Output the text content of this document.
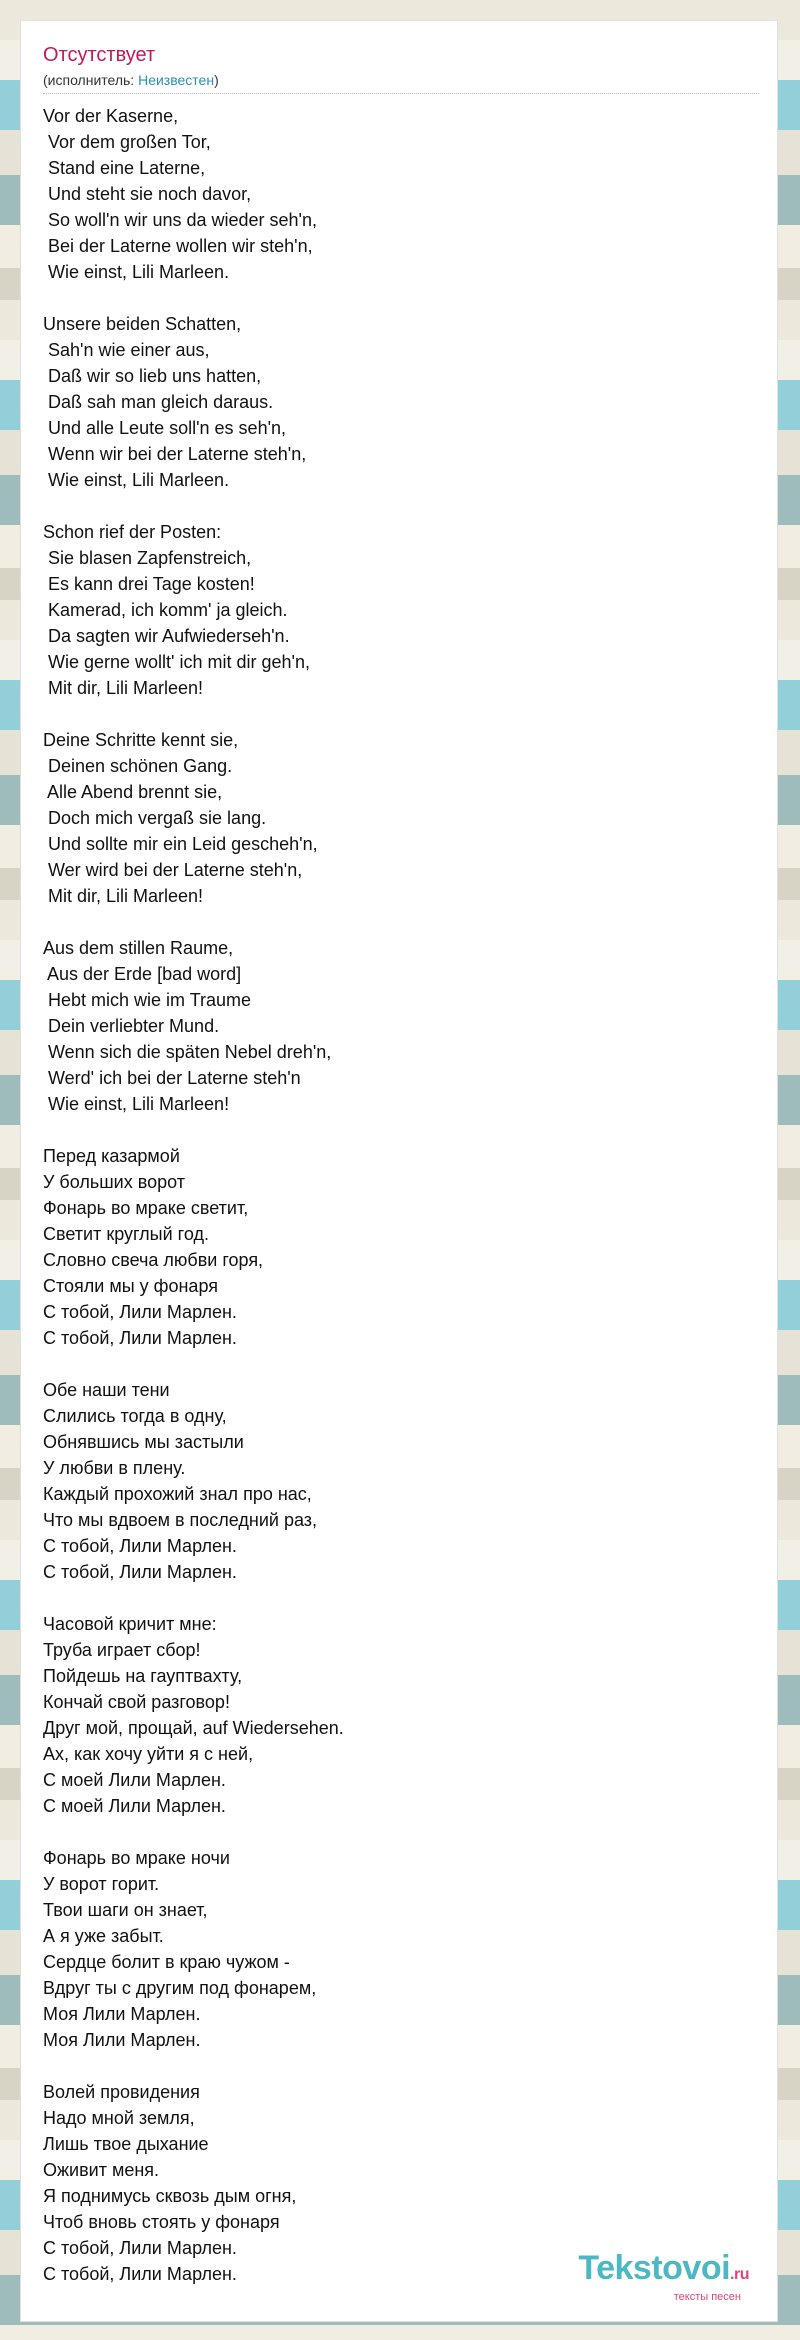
Отсутствует
(исполнитель: Неизвестен)
Vor der Kaserne,
Vor dem großen Tor,
Stand eine Laterne,
Und steht sie noch davor,
So woll'n wir uns da wieder seh'n,
Bei der Laterne wollen wir steh'n,
Wie einst, Lili Marleen.
Unsere beiden Schatten,
Sah'n wie einer aus,
Daß wir so lieb uns hatten,
Daß sah man gleich daraus.
Und alle Leute soll'n es seh'n,
Wenn wir bei der Laterne steh'n,
Wie einst, Lili Marleen.
Schon rief der Posten:
Sie blasen Zapfenstreich,
Es kann drei Tage kosten!
Kamerad, ich komm' ja gleich.
Da sagten wir Aufwiederseh'n.
Wie gerne wollt' ich mit dir geh'n,
Mit dir, Lili Marleen!
Deine Schritte kennt sie,
Deinen schönen Gang.
Alle Abend brennt sie,
Doch mich vergaß sie lang.
Und sollte mir ein Leid gescheh'n,
Wer wird bei der Laterne steh'n,
Mit dir, Lili Marleen!
Aus dem stillen Raume,
Aus der Erde [bad word]
Hebt mich wie im Traume
Dein verliebter Mund.
Wenn sich die späten Nebel dreh'n,
Werd' ich bei der Laterne steh'n
Wie einst, Lili Marleen!
Перед казармой
У больших ворот
Фонарь во мраке светит,
Светит круглый год.
Словно свеча любви горя,
Стояли мы у фонаря
С тобой, Лили Марлен.
С тобой, Лили Марлен.
Обе наши тени
Слились тогда в одну,
Обнявшись мы застыли
У любви в плену.
Каждый прохожий знал про нас,
Что мы вдвоем в последний раз,
С тобой, Лили Марлен.
С тобой, Лили Марлен.
Часовой кричит мне:
Труба играет сбор!
Пойдешь на гауптвахту,
Кончай свой разговор!
Друг мой, прощай, auf Wiedersehen.
Ах, как хочу уйти я с ней,
С моей Лили Марлен.
С моей Лили Марлен.
Фонарь во мраке ночи
У ворот горит.
Твои шаги он знает,
А я уже забыт.
Сердце болит в краю чужом -
Вдруг ты с другим под фонарем,
Моя Лили Марлен.
Моя Лили Марлен.
Волей провидения
Надо мной земля,
Лишь твое дыхание
Оживит меня.
Я поднимусь сквозь дым огня,
Чтоб вновь стоять у фонаря
С тобой, Лили Марлен.
С тобой, Лили Марлен.	Tekstovoi.ru
тексты песен
